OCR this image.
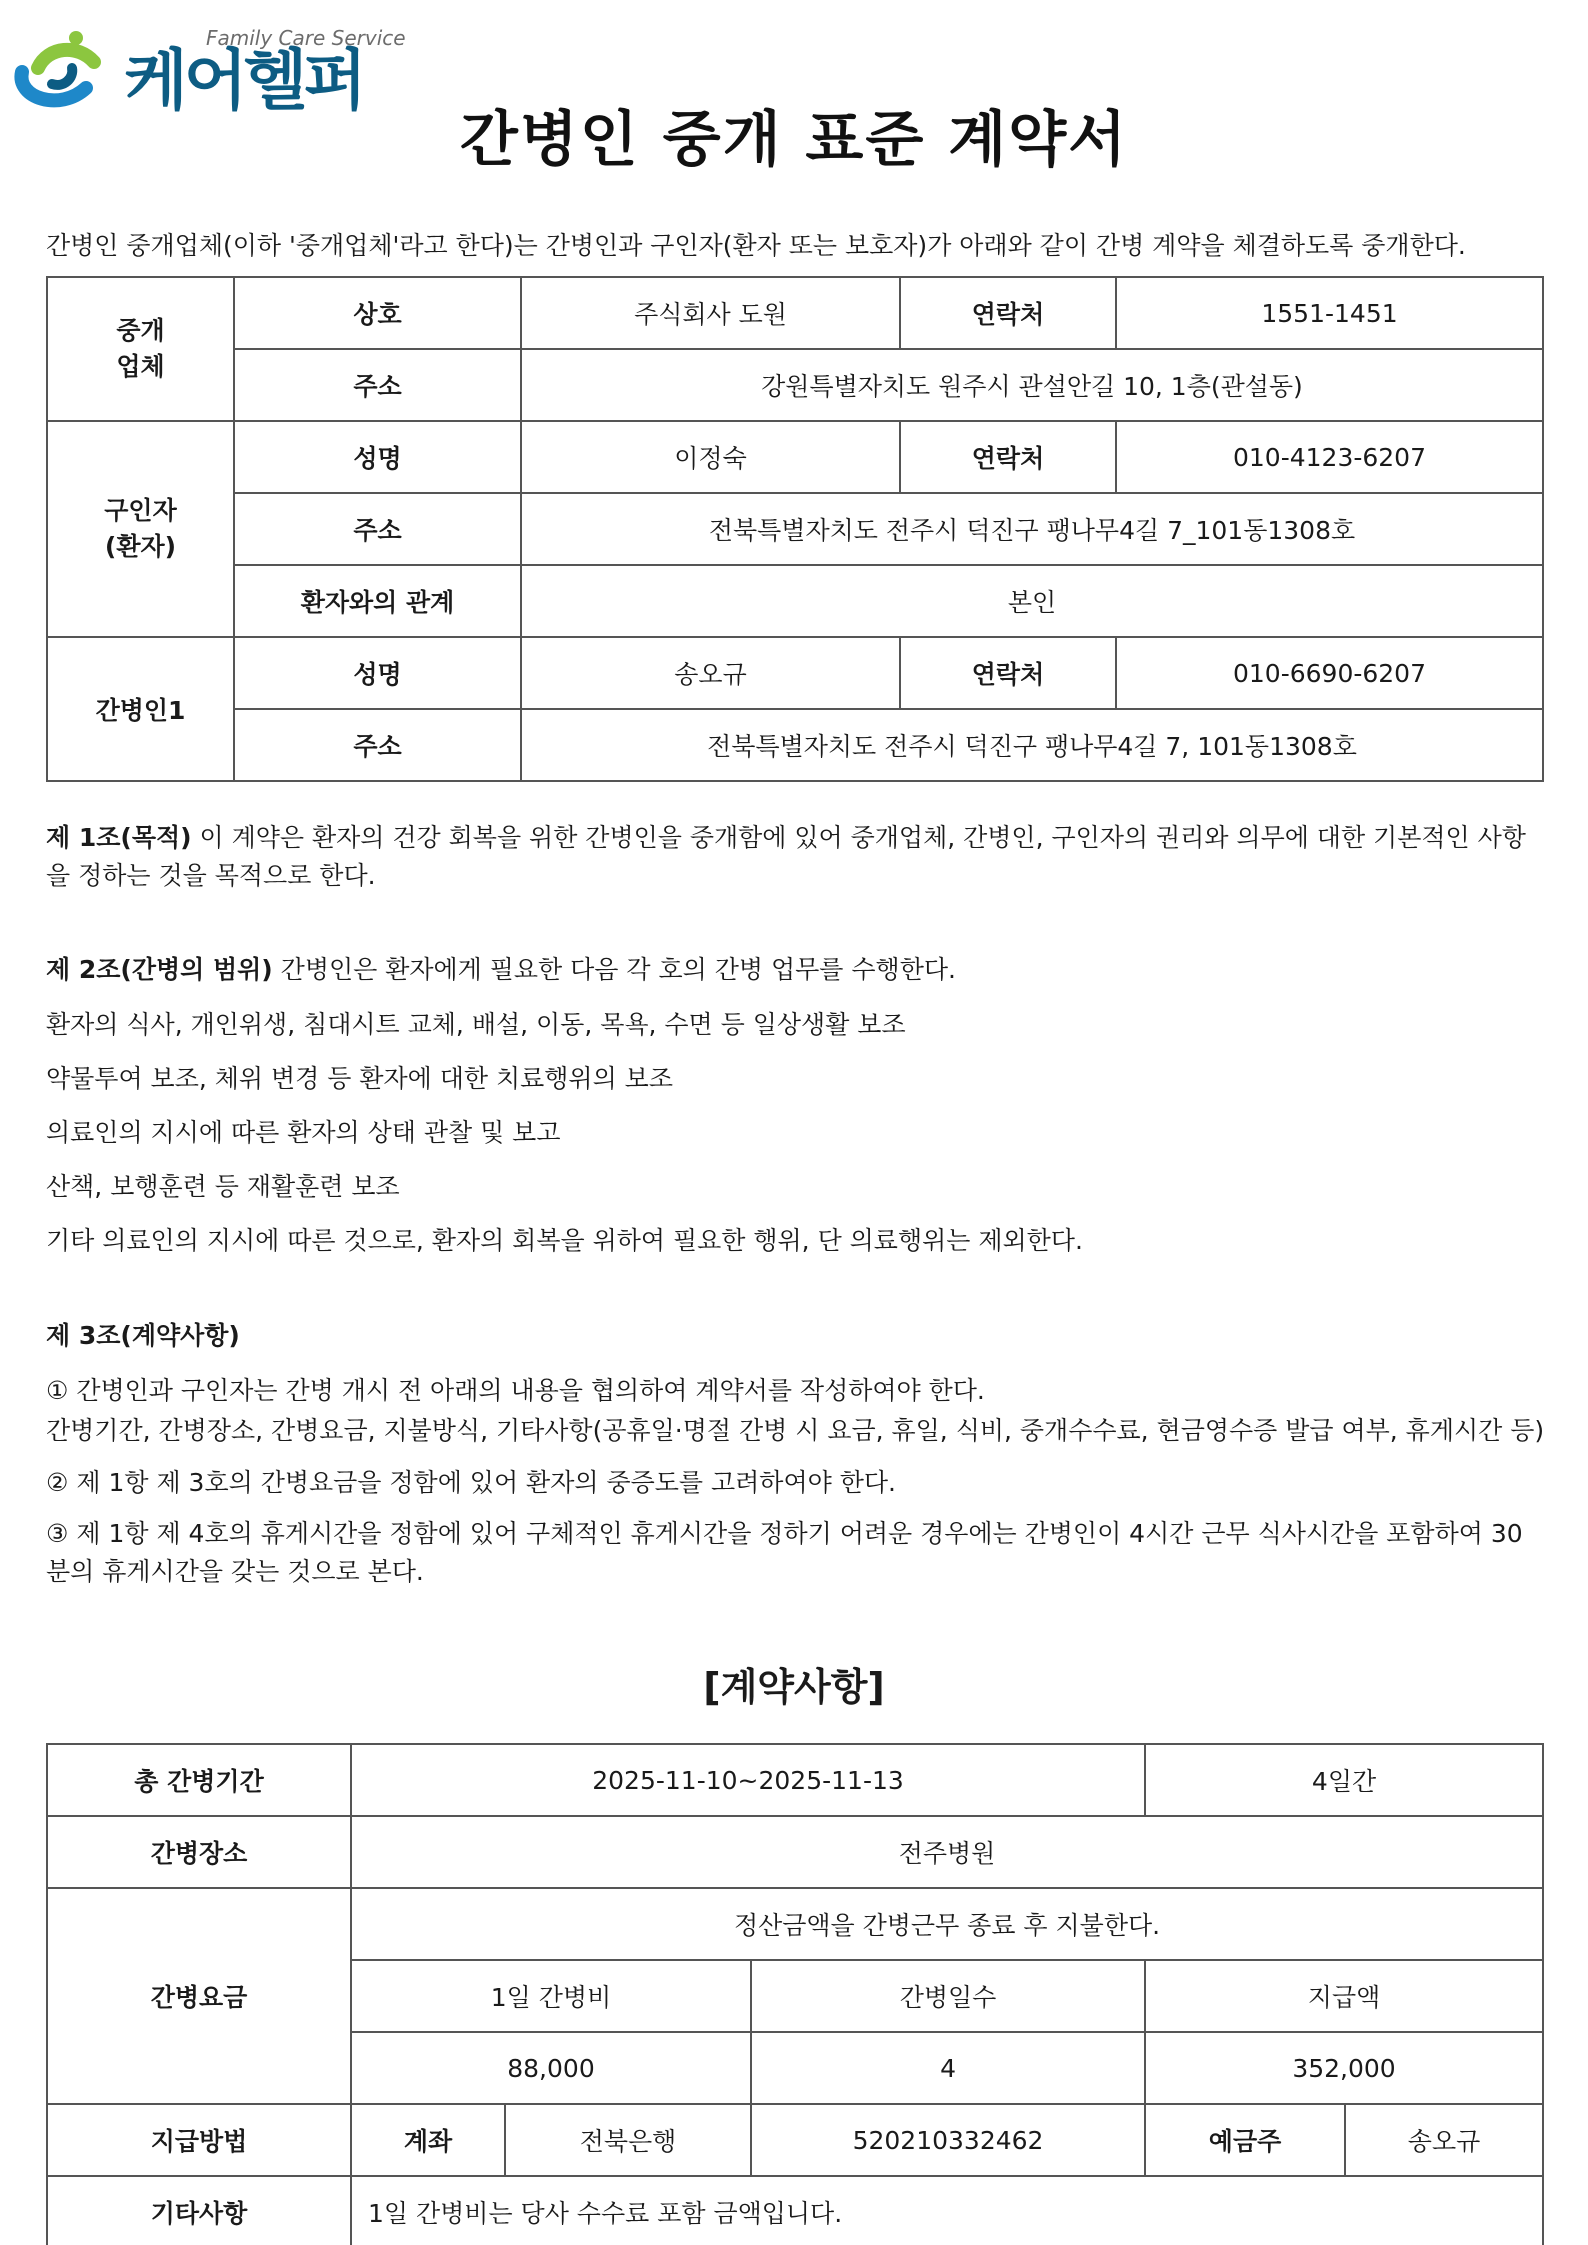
Family Care Service
케어헬퍼
간병인 중개 표준 계약서
간병인 중개업체(이하 '중개업체'라고 한다)는 간병인과 구인자(환자 또는 보호자)가 아래와 같이 간병 계약을 체결하도록 중개한다.
중개
업체	상호	주식회사 도원	연락처	1551-1451
	주소	강원특별자치도 원주시 관설안길 10, 1층(관설동)		
구인자
(환자)	성명	이정숙	연락처	010-4123-6207
	주소	전북특별자치도 전주시 덕진구 팽나무4길 7_101동1308호		
	환자와의 관계	본인		
간병인1	성명	송오규	연락처	010-6690-6207
	주소	전북특별자치도 전주시 덕진구 팽나무4길 7, 101동1308호		
제 1조(목적) 이 계약은 환자의 건강 회복을 위한 간병인을 중개함에 있어 중개업체, 간병인, 구인자의 권리와 의무에 대한 기본적인 사항을 정하는 것을 목적으로 한다.
제 2조(간병의 범위) 간병인은 환자에게 필요한 다음 각 호의 간병 업무를 수행한다.
환자의 식사, 개인위생, 침대시트 교체, 배설, 이동, 목욕, 수면 등 일상생활 보조
약물투여 보조, 체위 변경 등 환자에 대한 치료행위의 보조
의료인의 지시에 따른 환자의 상태 관찰 및 보고
산책, 보행훈련 등 재활훈련 보조
기타 의료인의 지시에 따른 것으로, 환자의 회복을 위하여 필요한 행위, 단 의료행위는 제외한다.
제 3조(계약사항)
① 간병인과 구인자는 간병 개시 전 아래의 내용을 협의하여 계약서를 작성하여야 한다.
간병기간, 간병장소, 간병요금, 지불방식, 기타사항(공휴일·명절 간병 시 요금, 휴일, 식비, 중개수수료, 현금영수증 발급 여부, 휴게시간 등)
② 제 1항 제 3호의 간병요금을 정함에 있어 환자의 중증도를 고려하여야 한다.
③ 제 1항 제 4호의 휴게시간을 정함에 있어 구체적인 휴게시간을 정하기 어려운 경우에는 간병인이 4시간 근무 식사시간을 포함하여 30분의 휴게시간을 갖는 것으로 본다.
[계약사항]
총 간병기간	2025-11-10~2025-11-13			4일간	
간병장소	전주병원				
간병요금	정산금액을 간병근무 종료 후 지불한다.				
	1일 간병비		간병일수	지급액	
	88,000		4	352,000	
지급방법	계좌	전북은행	520210332462	예금주	송오규
기타사항	1일 간병비는 당사 수수료 포함 금액입니다.				
